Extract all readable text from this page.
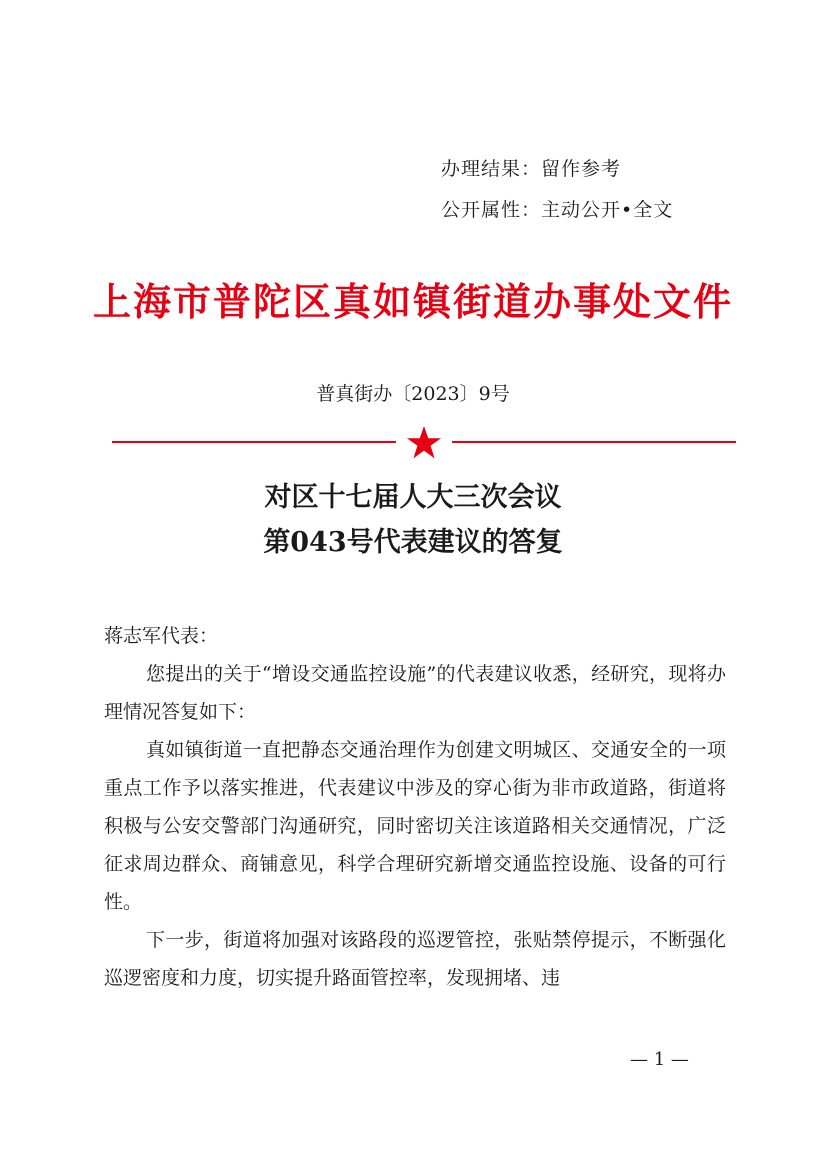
办理结果：留作参考
公开属性：主动公开•全文
上海市普陀区真如镇街道办事处文件
普真街办〔2023〕9号
对区十七届人大三次会议
第043号代表建议的答复
蒋志军代表：
您提出的关于“增设交通监控设施”的代表建议收悉，经研究，现将办理情况答复如下：
真如镇街道一直把静态交通治理作为创建文明城区、交通安全的一项重点工作予以落实推进，代表建议中涉及的穿心街为非市政道路，街道将积极与公安交警部门沟通研究，同时密切关注该道路相关交通情况，广泛征求周边群众、商铺意见，科学合理研究新增交通监控设施、设备的可行性。
下一步，街道将加强对该路段的巡逻管控，张贴禁停提示，不断强化巡逻密度和力度，切实提升路面管控率，发现拥堵、违
— 1 —
